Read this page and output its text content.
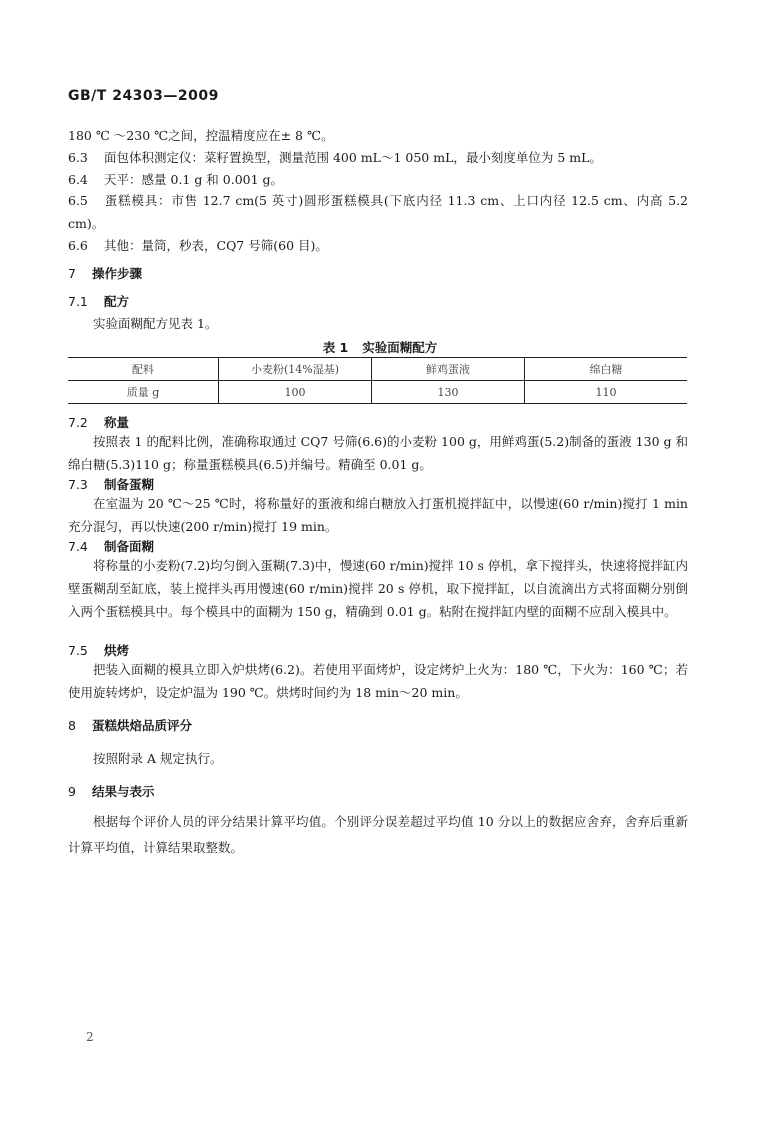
GB/T 24303—2009

180 ℃ ～230 ℃之间，控温精度应在± 8 ℃。

6.3 面包体积测定仪：菜籽置换型，测量范围 400 mL～1 050 mL，最小刻度单位为 5 mL。

6.4 天平：感量 0.1 g 和 0.001 g。

6.5 蛋糕模具：市售 12.7 cm(5 英寸)圆形蛋糕模具(下底内径 11.3 cm、上口内径 12.5 cm、内高 5.2 cm)。

6.6 其他：量筒，秒表，CQ7 号筛(60 目)。

7 操作步骤
7.1 配方

实验面糊配方见表 1。

表 1 实验面糊配方
配料	小麦粉(14%湿基)	鲜鸡蛋液	绵白糖
质量 g	100	130	110
7.2 称量

按照表 1 的配料比例，准确称取通过 CQ7 号筛(6.6)的小麦粉 100 g，用鲜鸡蛋(5.2)制备的蛋液 130 g 和绵白糖(5.3)110 g；称量蛋糕模具(6.5)并编号。精确至 0.01 g。

7.3 制备蛋糊

在室温为 20 ℃～25 ℃时，将称量好的蛋液和绵白糖放入打蛋机搅拌缸中，以慢速(60 r/min)搅打 1 min 充分混匀，再以快速(200 r/min)搅打 19 min。

7.4 制备面糊

将称量的小麦粉(7.2)均匀倒入蛋糊(7.3)中，慢速(60 r/min)搅拌 10 s 停机，拿下搅拌头，快速将搅拌缸内壁蛋糊刮至缸底，装上搅拌头再用慢速(60 r/min)搅拌 20 s 停机，取下搅拌缸，以自流滴出方式将面糊分别倒入两个蛋糕模具中。每个模具中的面糊为 150 g，精确到 0.01 g。粘附在搅拌缸内壁的面糊不应刮入模具中。

7.5 烘烤

把装入面糊的模具立即入炉烘烤(6.2)。若使用平面烤炉，设定烤炉上火为：180 ℃，下火为：160 ℃；若使用旋转烤炉，设定炉温为 190 ℃。烘烤时间约为 18 min～20 min。

8 蛋糕烘焙品质评分

按照附录 A 规定执行。

9 结果与表示

根据每个评价人员的评分结果计算平均值。个别评分误差超过平均值 10 分以上的数据应舍弃，舍弃后重新计算平均值，计算结果取整数。

2
